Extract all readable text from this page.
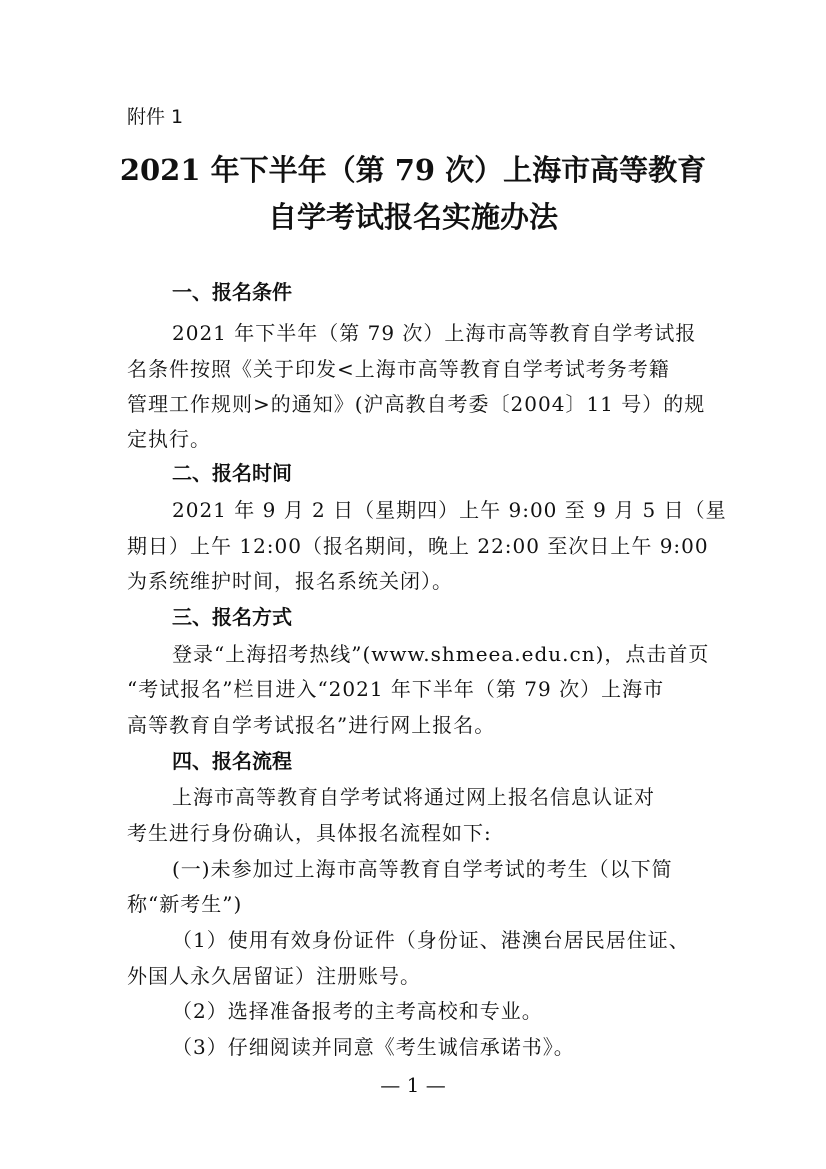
附件 1
2021 年下半年（第 79 次）上海市高等教育
自学考试报名实施办法
一、报名条件
2021 年下半年（第 79 次）上海市高等教育自学考试报
名条件按照《关于印发<上海市高等教育自学考试考务考籍
管理工作规则>的通知》(沪高教自考委〔2004〕11 号）的规
定执行。
二、报名时间
2021 年 9 月 2 日（星期四）上午 9:00 至 9 月 5 日（星
期日）上午 12:00（报名期间，晚上 22:00 至次日上午 9:00
为系统维护时间，报名系统关闭）。
三、报名方式
登录“上海招考热线”(www.shmeea.edu.cn)，点击首页
“考试报名”栏目进入“2021 年下半年（第 79 次）上海市
高等教育自学考试报名”进行网上报名。
四、报名流程
上海市高等教育自学考试将通过网上报名信息认证对
考生进行身份确认，具体报名流程如下:
(一)未参加过上海市高等教育自学考试的考生（以下简
称“新考生”)
（1）使用有效身份证件（身份证、港澳台居民居住证、
外国人永久居留证）注册账号。
（2）选择准备报考的主考高校和专业。
（3）仔细阅读并同意《考生诚信承诺书》。
— 1 —
